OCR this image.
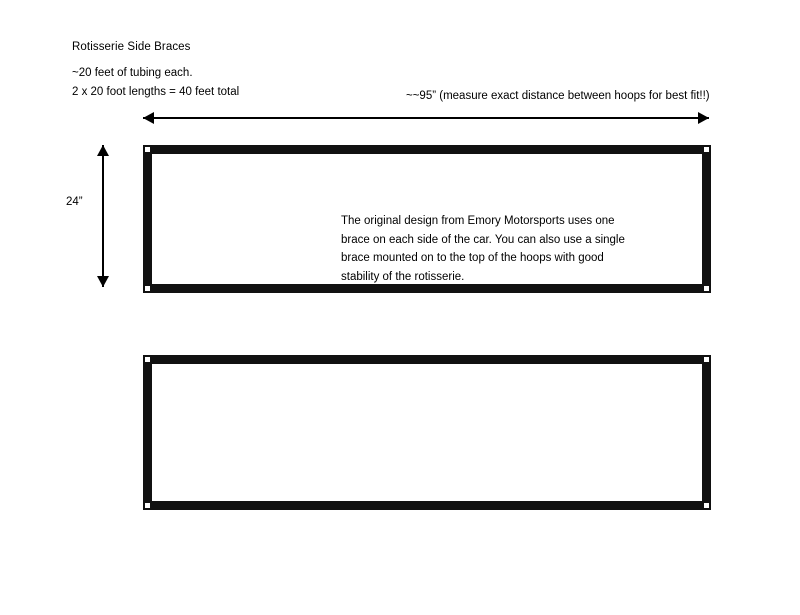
Rotisserie Side Braces
~20 feet of tubing each.
2 x 20 foot lengths = 40 feet total	~~95” (measure exact distance between hoops for best fit!!)
24”
The original design from Emory Motorsports uses one brace on each side of the car. You can also use a single brace mounted on to the top of the hoops with good stability of the rotisserie.
